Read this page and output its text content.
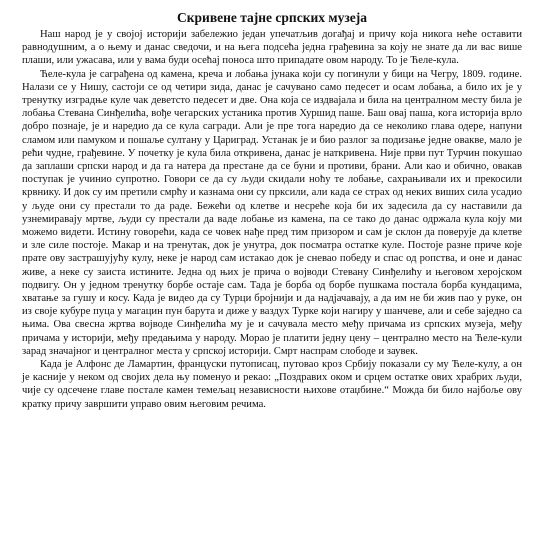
Скривене тајне српских музеја

Наш народ је у својој историји забележио један упечатљив догађај и причу која никога неће оставити равнодушним, а о њему и данас сведочи, и на њега подсећа једна грађевина за коју не знате да ли вас више плаши, или ужасава, или у вама буди осећај поноса што припадате овом народу. То је Ћеле-кула.

Ћеле-кула је саграђена од камена, креча и лобања јунака који су погинули у бици на Чегру, 1809. године. Налази се у Нишу, састоји се од четири зида, данас је сачувано само педесет и осам лобања, а било их је у тренутку изградње куле чак деветсто педесет и две. Она која се издвајала и била на централном месту била је лобања Стевана Синђелића, вође чегарских устаника против Хуршид паше. Баш овај паша, кога историја врло добро познаје, је и наредио да се кула сагради. Али је пре тога наредио да се неколико глава одере, напуни сламом или памуком и пошаље султану у Цариград. Устанак је и био разлог за подизање једне овакве, мало је рећи чудне, грађевине. У почетку је кула била откривена, данас је наткривена. Није први пут Турчин покушао да заплаши српски народ и да га натера да престане да се буни и противи, брани. Али као и обично, овакав поступак је учинио супротно. Говори се да су људи скидали ноћу те лобање, сахрањивали их и прекосили крвнику. И док су им претили смрћу и казнама они су прксили, али када се страх од неких виших сила усадио у људе они су престали то да раде. Бежећи од клетве и несреће која би их задесила да су наставили да узнемиравају мртве, људи су престали да ваде лобање из камена, па се тако до данас одржала кула коју ми можемо видети. Истину говорећи, када се човек нађе пред тим призором и сам је склон да поверује да клетве и зле силе постоје. Макар и на тренутак, док је унутра, док посматра остатке куле. Постоје разне приче које прате ову застрашујућу кулу, неке је народ сам истакао док је сневао победу и спас од ропства, и оне и данас живе, а неке су заиста истините. Једна од њих је прича о војводи Стевану Синђелићу и његовом херојском подвигу. Он у једном тренутку борбе остаје сам. Тада је борба од борбе пушкама постала борба кундацима, хватање за гушу и косу. Када је видео да су Турци бројнији и да надјачавају, а да им не би жив пао у руке, он из своје кубуре пуца у магацин пун барута и диже у ваздух Турке који нагиру у шанчеве, али и себе заједно са њима. Ова свесна жртва војводе Синђелића му је и сачувала место међу причама из српских музеја, међу причама у историји, међу предањима у народу. Морао је платити једну цену – централно место на Ћеле-кули зарад значајног и централног места у српској историји. Смрт наспрам слободе и заувек.

Када је Алфонс де Ламартин, француски путописац, путовао кроз Србију показали су му Ћеле-кулу, а он је касније у неком од својих дела њу поменуо и рекао: „Поздравих оком и срцем остатке ових храбрих људи, чије су одсечене главе постале камен темељац независности њихове отаџбине.“ Можда би било најбоље ову кратку причу завршити управо овим његовим речима.
